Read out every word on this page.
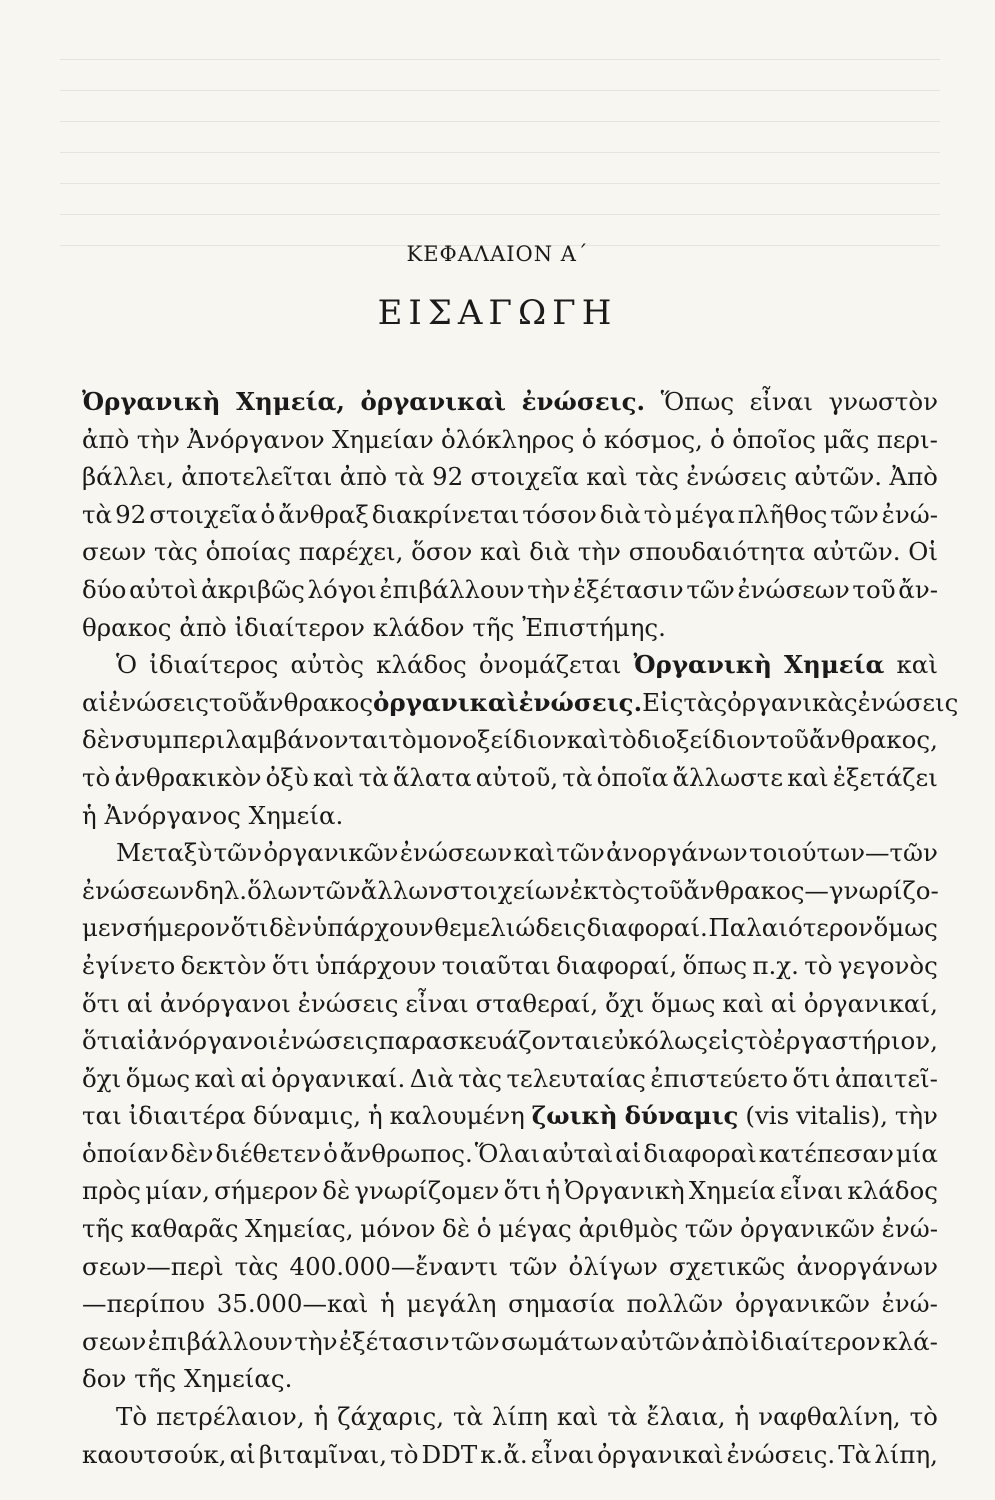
ΚΕΦΑΛΑΙΟΝ Α΄
ΕΙΣΑΓΩΓΗ
Ὀργανικὴ Χημεία, ὀργανικαὶ ἐνώσεις. Ὅπως εἶναι γνωστὸν
ἀπὸ τὴν Ἀνόργανον Χημείαν ὁλόκληρος ὁ κόσμος, ὁ ὁποῖος μᾶς περι-
βάλλει, ἀποτελεῖται ἀπὸ τὰ 92 στοιχεῖα καὶ τὰς ἐνώσεις αὐτῶν. Ἀπὸ
τὰ 92 στοιχεῖα ὁ ἄνθραξ διακρίνεται τόσον διὰ τὸ μέγα πλῆθος τῶν ἐνώ-
σεων τὰς ὁποίας παρέχει, ὅσον καὶ διὰ τὴν σπουδαιότητα αὐτῶν. Οἱ
δύο αὐτοὶ ἀκριβῶς λόγοι ἐπιβάλλουν τὴν ἐξέτασιν τῶν ἐνώσεων τοῦ ἄν-
θρακος ἀπὸ ἰδιαίτερον κλάδον τῆς Ἐπιστήμης.
Ὁ ἰδιαίτερος αὐτὸς κλάδος ὀνομάζεται Ὀργανικὴ Χημεία καὶ
αἱ ἐνώσεις τοῦ ἄνθρακος ὀργανικαὶ ἐνώσεις. Εἰς τὰς ὀργανικὰς ἐνώσεις
δὲν συμπεριλαμβάνονται τὸ μονοξείδιον καὶ τὸ διοξείδιον τοῦ ἄνθρακος,
τὸ ἀνθρακικὸν ὀξὺ καὶ τὰ ἅλατα αὐτοῦ, τὰ ὁποῖα ἄλλωστε καὶ ἐξετάζει
ἡ Ἀνόργανος Χημεία.
Μεταξὺ τῶν ὀργανικῶν ἐνώσεων καὶ τῶν ἀνοργάνων τοιούτων—τῶν
ἐνώσεων δηλ. ὅλων τῶν ἄλλων στοιχείων ἐκτὸς τοῦ ἄνθρακος—γνωρίζο-
μεν σήμερον ὅτι δὲν ὑπάρχουν θεμελιώδεις διαφοραί. Παλαιότερον ὅμως
ἐγίνετο δεκτὸν ὅτι ὑπάρχουν τοιαῦται διαφοραί, ὅπως π.χ. τὸ γεγονὸς
ὅτι αἱ ἀνόργανοι ἐνώσεις εἶναι σταθεραί, ὄχι ὅμως καὶ αἱ ὀργανικαί,
ὅτι αἱ ἀνόργανοι ἐνώσεις παρασκευάζονται εὐκόλως εἰς τὸ ἐργαστήριον,
ὄχι ὅμως καὶ αἱ ὀργανικαί. Διὰ τὰς τελευταίας ἐπιστεύετο ὅτι ἀπαιτεῖ-
ται ἰδιαιτέρα δύναμις, ἡ καλουμένη ζωικὴ δύναμις (vis vitalis), τὴν
ὁποίαν δὲν διέθετεν ὁ ἄνθρωπος. Ὅλαι αὐταὶ αἱ διαφοραὶ κατέπεσαν μία
πρὸς μίαν, σήμερον δὲ γνωρίζομεν ὅτι ἡ Ὀργανικὴ Χημεία εἶναι κλάδος
τῆς καθαρᾶς Χημείας, μόνον δὲ ὁ μέγας ἀριθμὸς τῶν ὀργανικῶν ἐνώ-
σεων—περὶ τὰς 400.000—ἔναντι τῶν ὀλίγων σχετικῶς ἀνοργάνων
—περίπου 35.000—καὶ ἡ μεγάλη σημασία πολλῶν ὀργανικῶν ἐνώ-
σεων ἐπιβάλλουν τὴν ἐξέτασιν τῶν σωμάτων αὐτῶν ἀπὸ ἰδιαίτερον κλά-
δον τῆς Χημείας.
Τὸ πετρέλαιον, ἡ ζάχαρις, τὰ λίπη καὶ τὰ ἔλαια, ἡ ναφθαλίνη, τὸ
καουτσούκ, αἱ βιταμῖναι, τὸ DDT κ.ἄ. εἶναι ὀργανικαὶ ἐνώσεις. Τὰ λίπη,
